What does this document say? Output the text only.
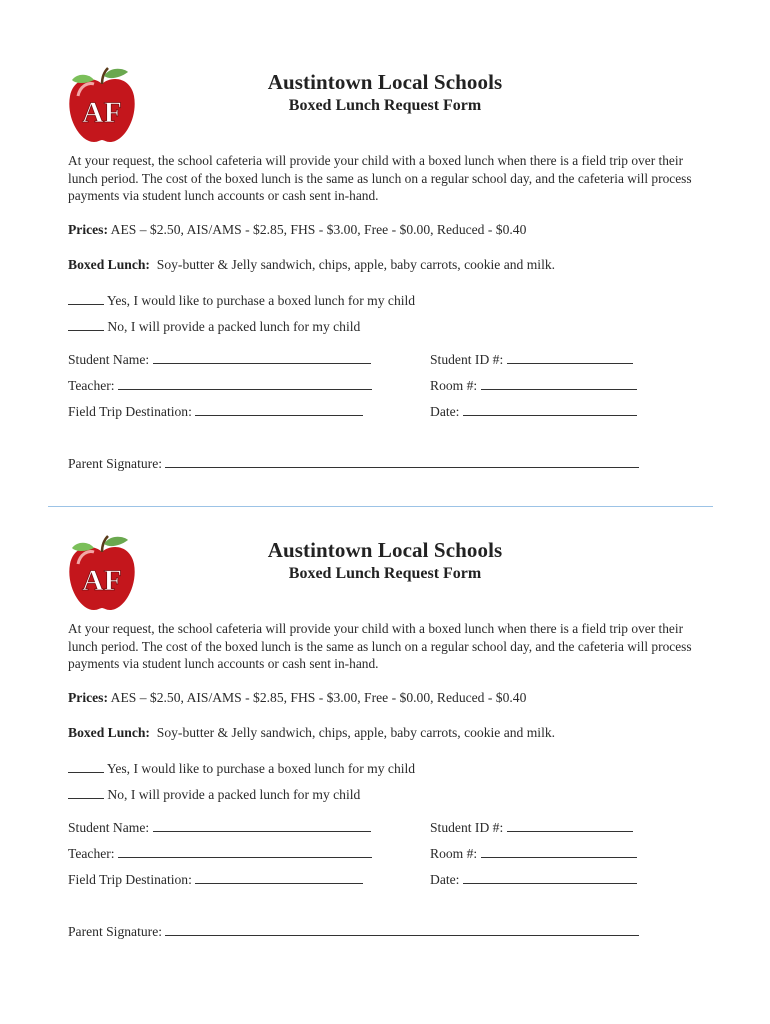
AF
Austintown Local Schools
Boxed Lunch Request Form
At your request, the school cafeteria will provide your child with a boxed lunch when there is a field trip over their lunch period. The cost of the boxed lunch is the same as lunch on a regular school day, and the cafeteria will process payments via student lunch accounts or cash sent in-hand.
Prices: AES – $2.50, AIS/AMS - $2.85, FHS - $3.00, Free - $0.00, Reduced - $0.40
Boxed Lunch: Soy-butter & Jelly sandwich, chips, apple, baby carrots, cookie and milk.
Yes, I would like to purchase a boxed lunch for my child
No, I will provide a packed lunch for my child
Student Name:	Student ID #:
Teacher:	Room #:
Field Trip Destination:	Date:
Parent Signature:
AF
Austintown Local Schools
Boxed Lunch Request Form
At your request, the school cafeteria will provide your child with a boxed lunch when there is a field trip over their lunch period. The cost of the boxed lunch is the same as lunch on a regular school day, and the cafeteria will process payments via student lunch accounts or cash sent in-hand.
Prices: AES – $2.50, AIS/AMS - $2.85, FHS - $3.00, Free - $0.00, Reduced - $0.40
Boxed Lunch: Soy-butter & Jelly sandwich, chips, apple, baby carrots, cookie and milk.
Yes, I would like to purchase a boxed lunch for my child
No, I will provide a packed lunch for my child
Student Name:	Student ID #:
Teacher:	Room #:
Field Trip Destination:	Date:
Parent Signature:
